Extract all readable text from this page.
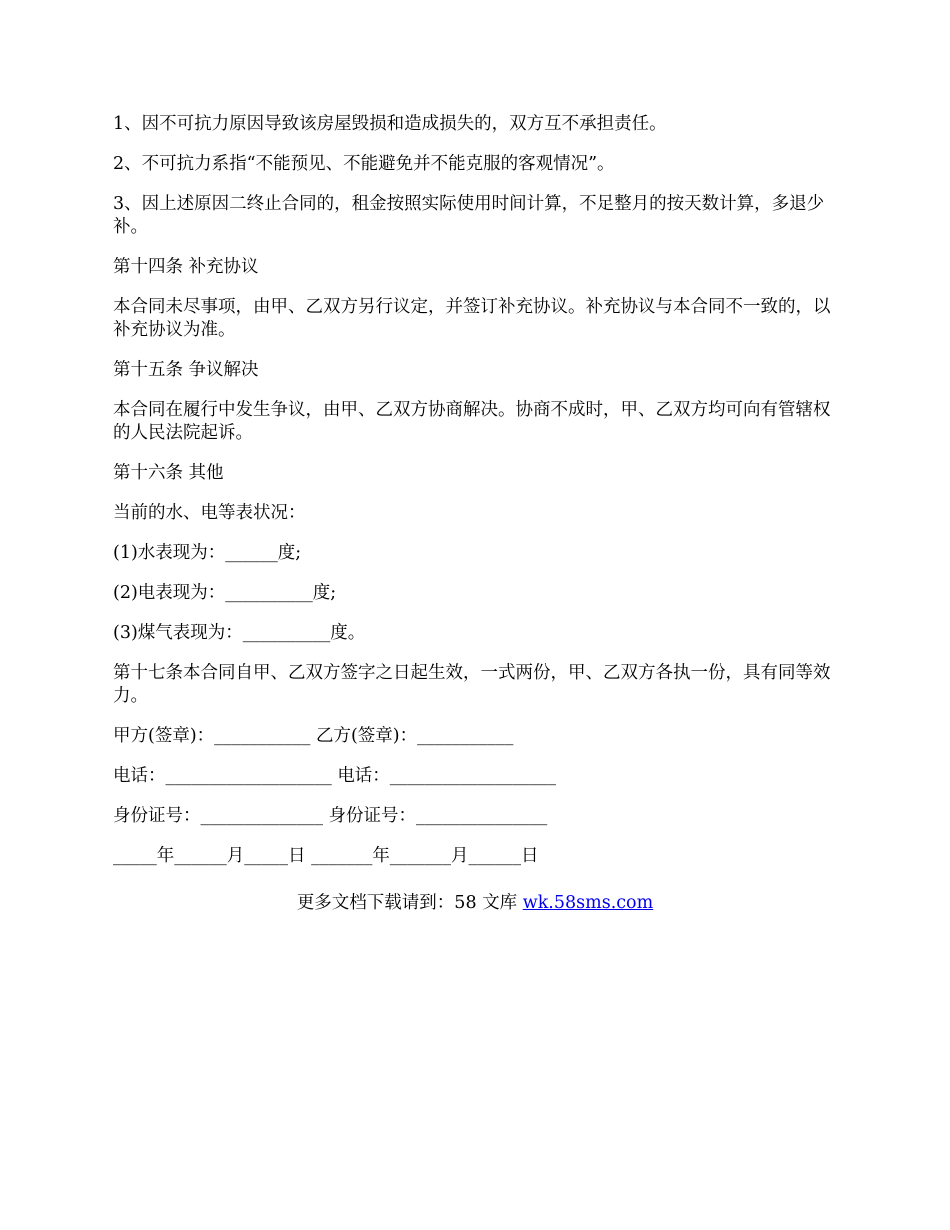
1、因不可抗力原因导致该房屋毁损和造成损失的，双方互不承担责任。

2、不可抗力系指“不能预见、不能避免并不能克服的客观情况”。

3、因上述原因二终止合同的，租金按照实际使用时间计算，不足整月的按天数计算，多退少补。

第十四条 补充协议

本合同未尽事项，由甲、乙双方另行议定，并签订补充协议。补充协议与本合同不一致的，以补充协议为准。

第十五条 争议解决

本合同在履行中发生争议，由甲、乙双方协商解决。协商不成时，甲、乙双方均可向有管辖权的人民法院起诉。

第十六条 其他

当前的水、电等表状况：

(1)水表现为：______度;

(2)电表现为：__________度;

(3)煤气表现为：__________度。

第十七条本合同自甲、乙双方签字之日起生效，一式两份，甲、乙双方各执一份，具有同等效力。

甲方(签章)：___________ 乙方(签章)：___________

电话：___________________ 电话：___________________

身份证号：______________ 身份证号：_______________

_____年______月_____日 _______年_______月______日

更多文档下载请到：58 文库 wk.58sms.com
